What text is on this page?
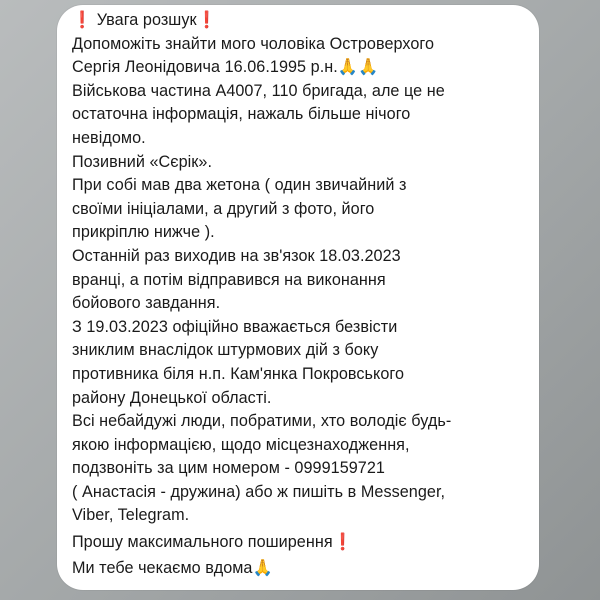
❗ Увага розшук❗
Допоможіть знайти мого чоловіка Островерхого
Сергія Леонідовича 16.06.1995 р.н.🙏🙏
Військова частина А4007, 110 бригада, але це не
остаточна інформація, нажаль більше нічого
невідомо.
Позивний «Сєрік».
При собі мав два жетона ( один звичайний з
своїми ініціалами, а другий з фото, його
прикріплю нижче ).
Останній раз виходив на зв'язок 18.03.2023
вранці, а потім відправився на виконання
бойового завдання.
З 19.03.2023 офіційно вважається безвісти
зниклим внаслідок штурмових дій з боку
противника біля н.п. Кам'янка Покровського
району Донецької області.
Всі небайдужі люди, побратими, хто володіє будь-
якою інформацією, щодо місцезнаходження,
подзвоніть за цим номером - 0999159721
( Анастасія - дружина) або ж пишіть в Messenger,
Viber, Telegram.
Прошу максимального поширення❗
Ми тебе чекаємо вдома🙏
